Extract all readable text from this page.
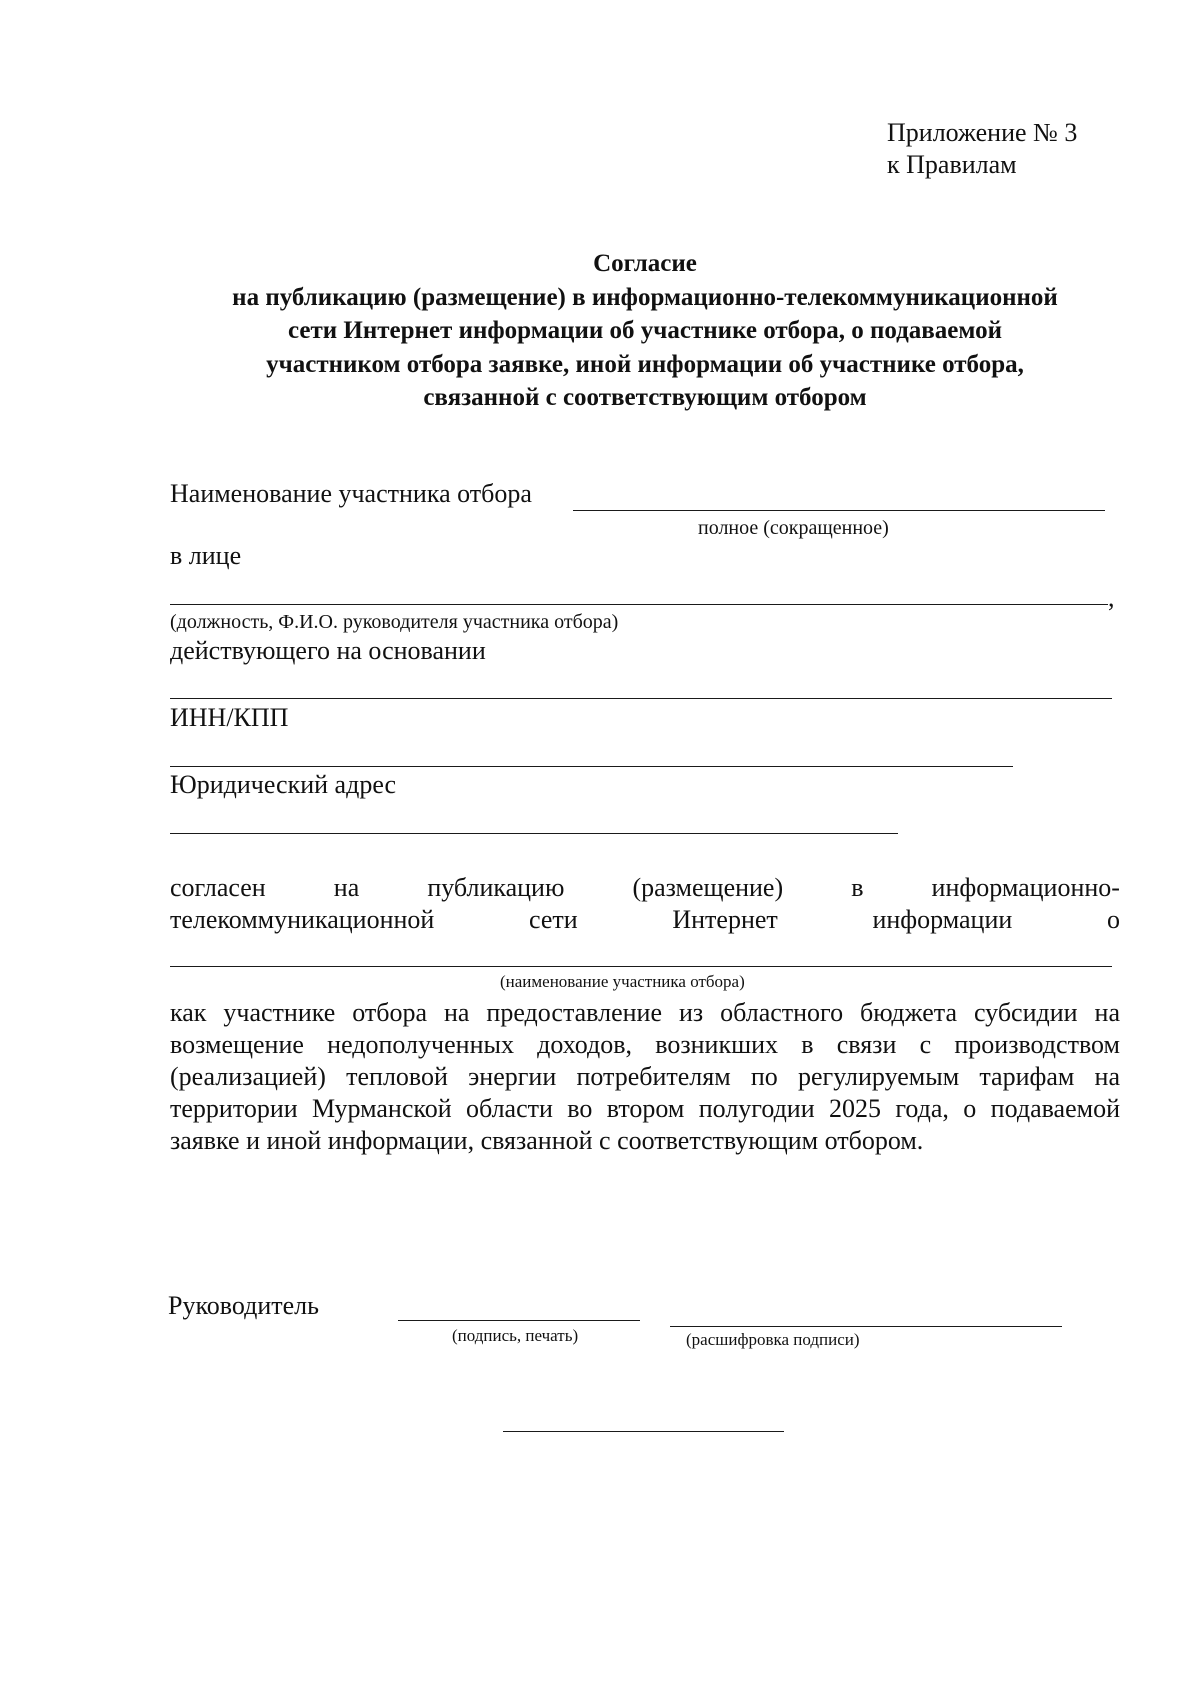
Приложение № 3
к Правилам
Согласие
на публикацию (размещение) в информационно-телекоммуникационной
сети Интернет информации об участнике отбора, о подаваемой
участником отбора заявке, иной информации об участнике отбора,
связанной с соответствующим отбором
Наименование участника отбора
полное (сокращенное)
в лице
,
(должность, Ф.И.О. руководителя участника отбора)
действующего на основании
ИНН/КПП
Юридический адрес
согласен	на	публикацию	(размещение)	в	информационно-
телекоммуникационной	сети	Интернет	информации	о
(наименование участника отбора)
как участнике отбора на предоставление из областного бюджета субсидии на возмещение недополученных доходов, возникших в связи с производством (реализацией) тепловой энергии потребителям по регулируемым тарифам на территории Мурманской области во втором полугодии 2025 года, о подаваемой заявке и иной информации, связанной с соответствующим отбором.
Руководитель
(подпись, печать)	(расшифровка подписи)
